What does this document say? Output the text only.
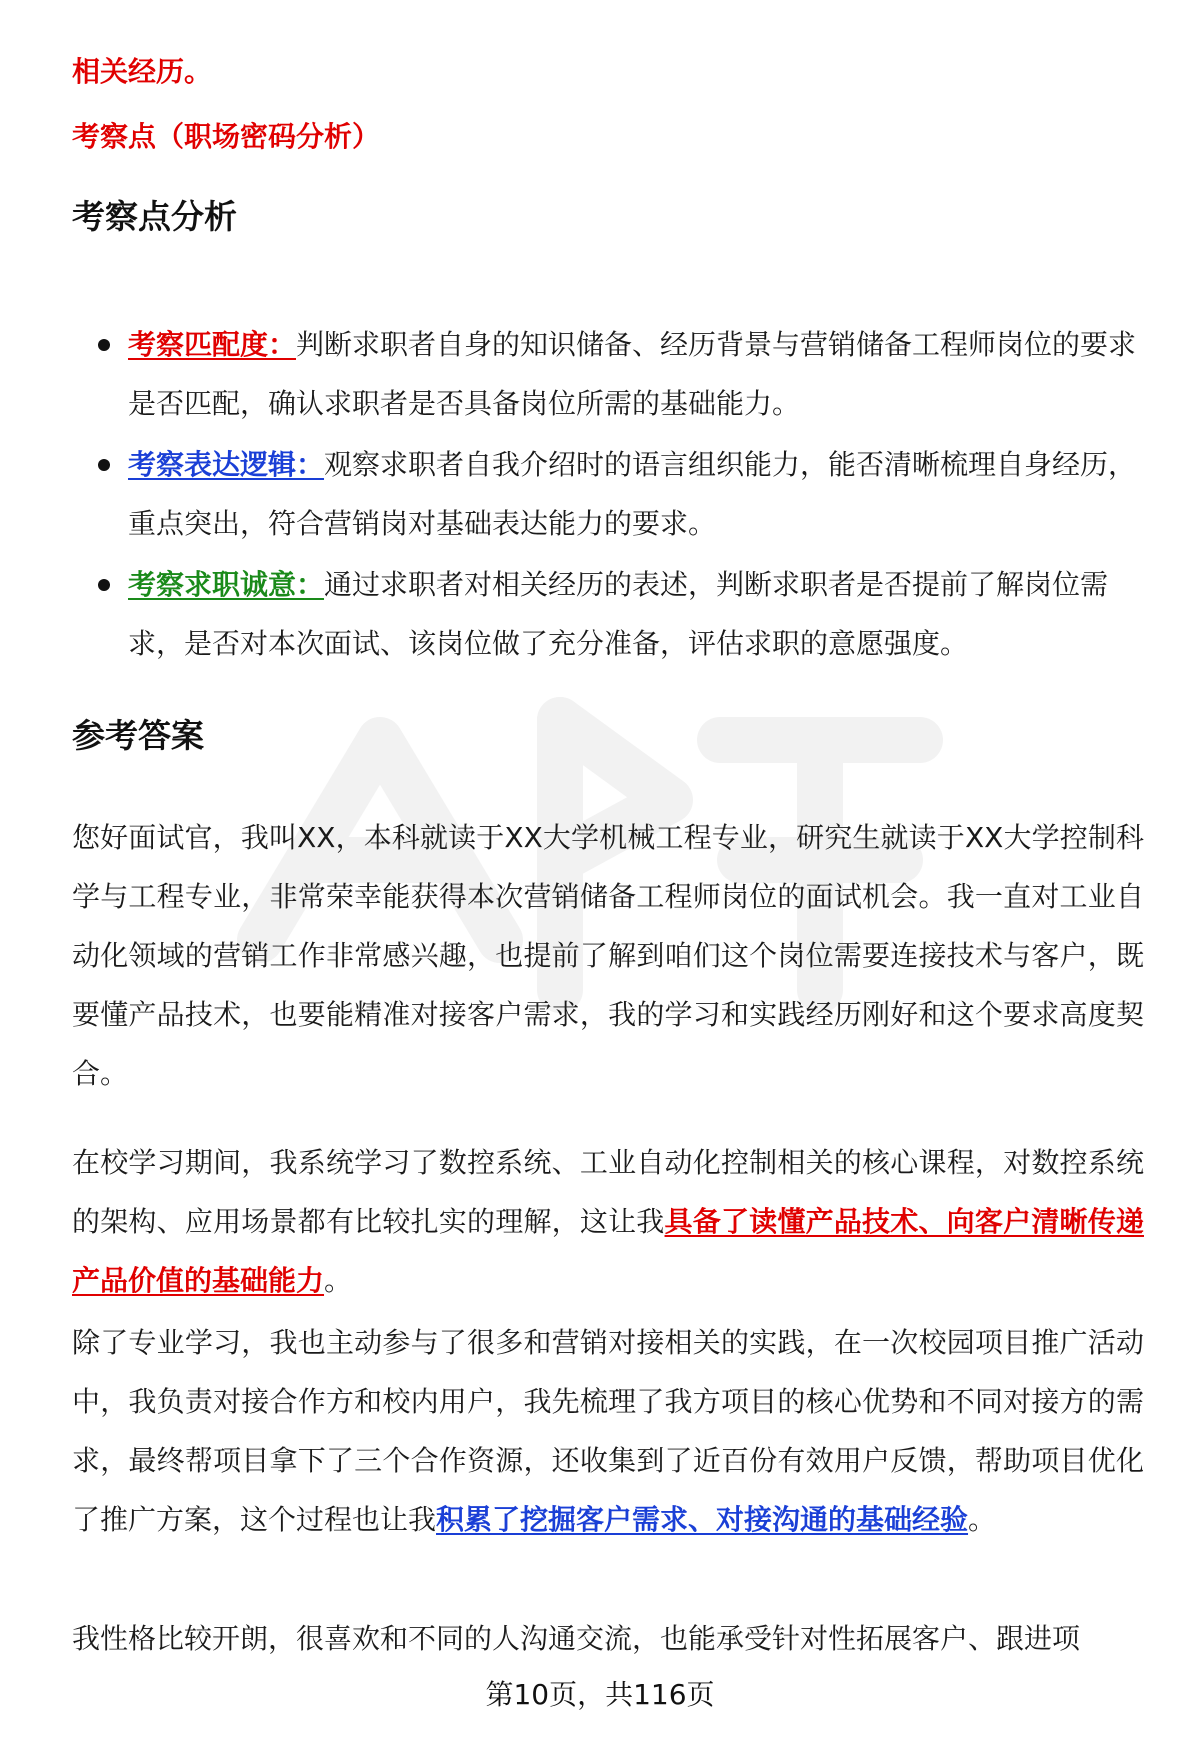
相关经历。
考察点（职场密码分析）
考察点分析
考察匹配度：判断求职者自身的知识储备、经历背景与营销储备工程师岗位的要求是否匹配，确认求职者是否具备岗位所需的基础能力。
考察表达逻辑：观察求职者自我介绍时的语言组织能力，能否清晰梳理自身经历，重点突出，符合营销岗对基础表达能力的要求。
考察求职诚意：通过求职者对相关经历的表述，判断求职者是否提前了解岗位需求，是否对本次面试、该岗位做了充分准备，评估求职的意愿强度。
参考答案

您好面试官，我叫XX，本科就读于XX大学机械工程专业，研究生就读于XX大学控制科学与工程专业，非常荣幸能获得本次营销储备工程师岗位的面试机会。我一直对工业自动化领域的营销工作非常感兴趣，也提前了解到咱们这个岗位需要连接技术与客户，既要懂产品技术，也要能精准对接客户需求，我的学习和实践经历刚好和这个要求高度契合。

在校学习期间，我系统学习了数控系统、工业自动化控制相关的核心课程，对数控系统的架构、应用场景都有比较扎实的理解，这让我具备了读懂产品技术、向客户清晰传递产品价值的基础能力。

除了专业学习，我也主动参与了很多和营销对接相关的实践，在一次校园项目推广活动中，我负责对接合作方和校内用户，我先梳理了我方项目的核心优势和不同对接方的需求，最终帮项目拿下了三个合作资源，还收集到了近百份有效用户反馈，帮助项目优化了推广方案，这个过程也让我积累了挖掘客户需求、对接沟通的基础经验。

我性格比较开朗，很喜欢和不同的人沟通交流，也能承受针对性拓展客户、跟进项

第10页，共116页
